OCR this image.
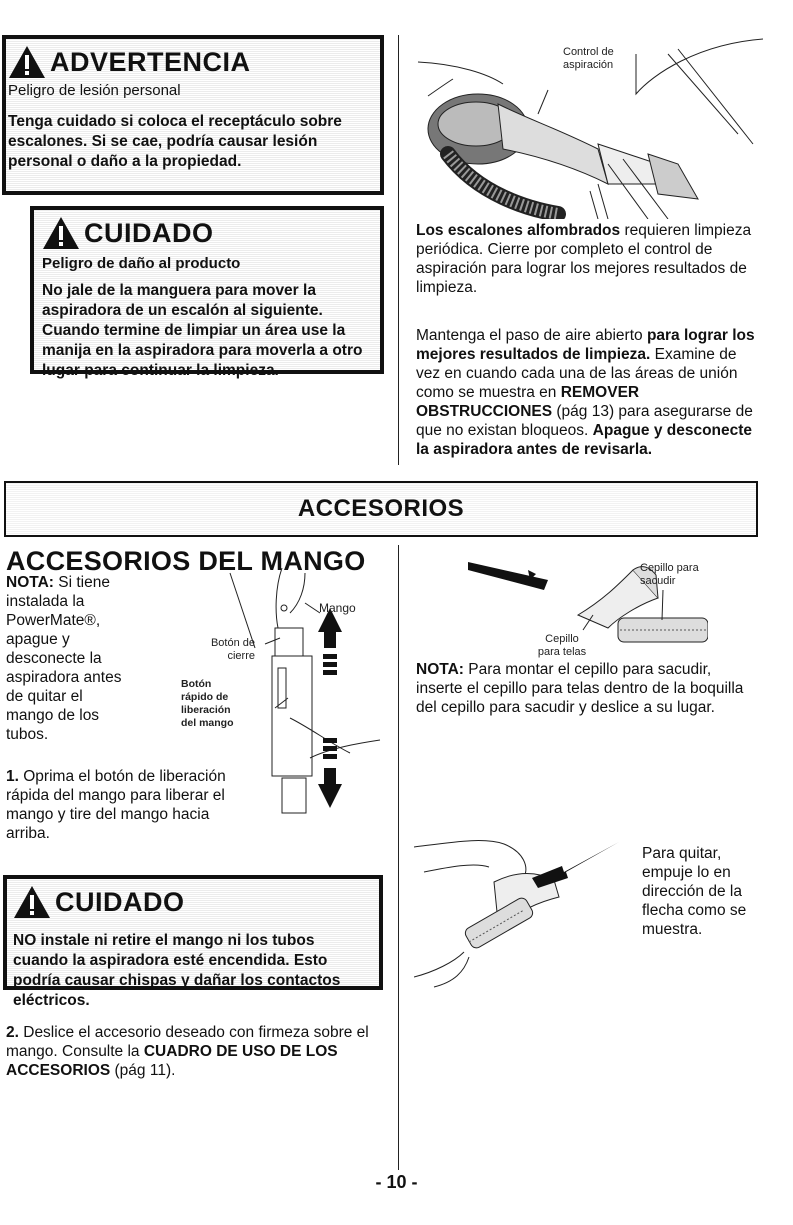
ADVERTENCIA
Peligro de lesión personal
Tenga cuidado si coloca el receptáculo sobre escalones. Si se cae, podría causar lesión personal o daño a la propiedad.
CUIDADO
Peligro de daño al producto
No jale de la manguera para mover la aspiradora de un escalón al siguiente. Cuando termine de limpiar un área use la manija en la aspiradora para moverla a otro lugar para continuar la limpieza.
Control de aspiración
Los escalones alfombrados requieren limpieza periódica. Cierre por completo el control de aspiración para lograr los mejores resultados de limpieza.
Mantenga el paso de aire abierto para lograr los mejores resultados de limpieza. Examine de vez en cuando cada una de las áreas de unión como se muestra en REMOVER OBSTRUCCIONES (pág 13) para asegurarse de que no existan bloqueos. Apague y desconecte la aspiradora antes de revisarla.
ACCESORIOS
ACCESORIOS DEL MANGO
NOTA: Si tiene instalada la PowerMate®, apague y desconecte la aspiradora antes de quitar el mango de los tubos.
1. Oprima el botón de liberación rápida del mango para liberar el mango y tire del mango hacia arriba.
Mango
Botón de cierre
Botón rápido de liberación del mango
CUIDADO
NO instale ni retire el mango ni los tubos cuando la aspiradora esté encendida. Esto podría causar chispas y dañar los contactos eléctricos.
2. Deslice el accesorio deseado con firmeza sobre el mango. Consulte la CUADRO DE USO DE LOS ACCESORIOS (pág 11).
Cepillo para sacudir
Cepillo para telas
NOTA: Para montar el cepillo para sacudir, inserte el cepillo para telas dentro de la boquilla del cepillo para sacudir y deslice a su lugar.
Para quitar, empuje lo en dirección de la flecha como se muestra.
- 10 -
